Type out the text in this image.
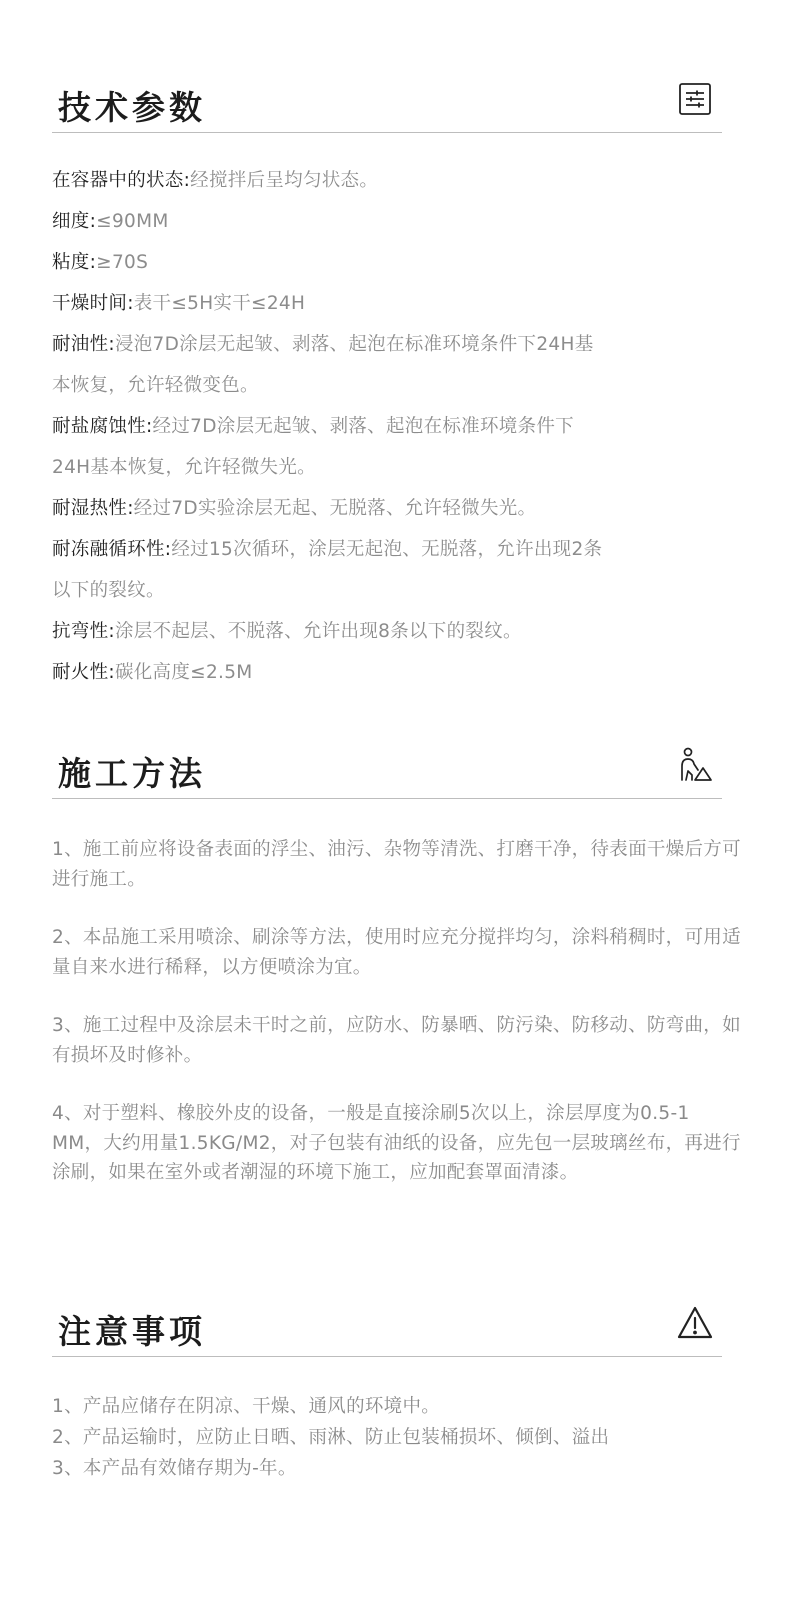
技术参数
在容器中的状态:经搅拌后呈均匀状态。
细度:≤90MM
粘度:≥70S
干燥时间:表干≤5H实干≤24H
耐油性:浸泡7D涂层无起皱、剥落、起泡在标准环境条件下24H基
本恢复，允许轻微变色。
耐盐腐蚀性:经过7D涂层无起皱、剥落、起泡在标准环境条件下
24H基本恢复，允许轻微失光。
耐湿热性:经过7D实验涂层无起、无脱落、允许轻微失光。
耐冻融循环性:经过15次循环，涂层无起泡、无脱落，允许出现2条
以下的裂纹。
抗弯性:涂层不起层、不脱落、允许出现8条以下的裂纹。
耐火性:碳化高度≤2.5M
施工方法

1、施工前应将设备表面的浮尘、油污、杂物等清洗、打磨干净，待表面干燥后方可进行施工。

2、本品施工采用喷涂、刷涂等方法，使用时应充分搅拌均匀，涂料稍稠时，可用适量自来水进行稀释，以方便喷涂为宜。

3、施工过程中及涂层未干时之前，应防水、防暴晒、防污染、防移动、防弯曲，如有损坏及时修补。

4、对于塑料、橡胶外皮的设备，一般是直接涂刷5次以上，涂层厚度为0.5-1 MM，大约用量1.5KG/M2，对子包装有油纸的设备，应先包一层玻璃丝布，再进行涂刷，如果在室外或者潮湿的环境下施工，应加配套罩面清漆。

注意事项
1、产品应储存在阴凉、干燥、通风的环境中。
2、产品运输时，应防止日晒、雨淋、防止包装桶损坏、倾倒、溢出
3、本产品有效储存期为-年。
